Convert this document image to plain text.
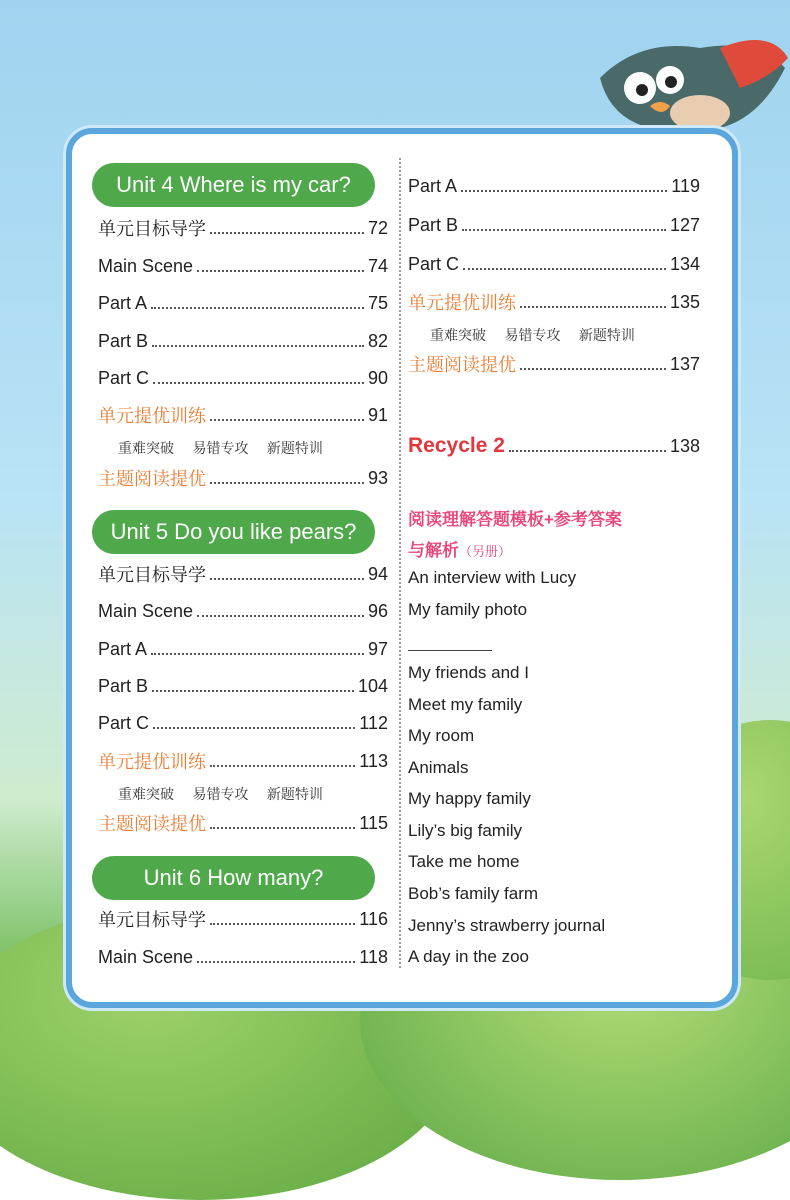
Unit 4 Where is my car?
单元目标导学	72
Main Scene	74
Part A	75
Part B	82
Part C	90
单元提优训练	91
重难突破 易错专攻 新题特训
主题阅读提优	93
Unit 5 Do you like pears?
单元目标导学	94
Main Scene	96
Part A	97
Part B	104
Part C	112
单元提优训练	113
重难突破 易错专攻 新题特训
主题阅读提优	115
Unit 6 How many?
单元目标导学	116
Main Scene	118
Part A	119
Part B	127
Part C	134
单元提优训练	135
重难突破 易错专攻 新题特训
主题阅读提优	137
Recycle 2	138
阅读理解答题模板+参考答案
与解析（另册）
An interview with Lucy
My family photo
My friends and I
Meet my family
My room
Animals
My happy family
Lily’s big family
Take me home
Bob’s family farm
Jenny’s strawberry journal
A day in the zoo
